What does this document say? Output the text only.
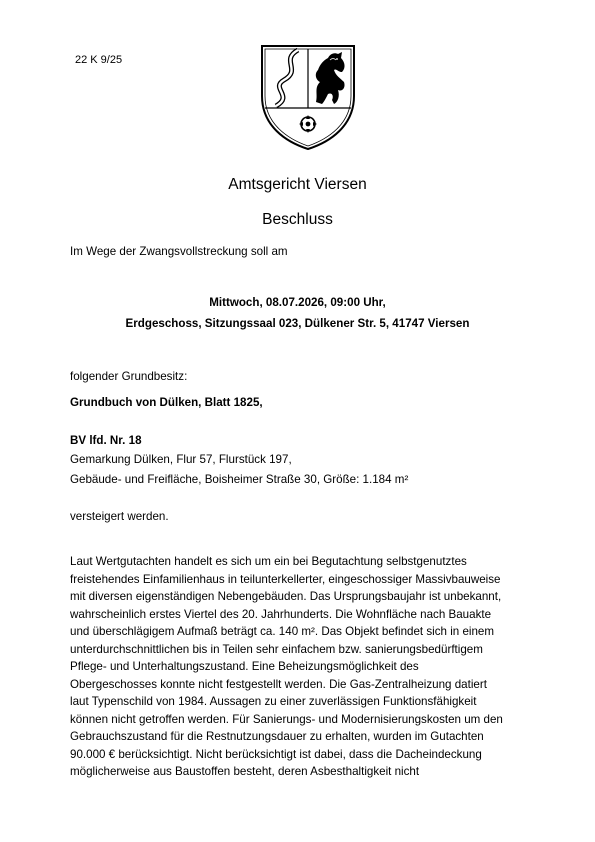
22 K 9/25
Amtsgericht Viersen
Beschluss
Im Wege der Zwangsvollstreckung soll am
Mittwoch, 08.07.2026, 09:00 Uhr,
Erdgeschoss, Sitzungssaal 023, Dülkener Str. 5, 41747 Viersen
folgender Grundbesitz:
Grundbuch von Dülken, Blatt 1825,
BV lfd. Nr. 18
Gemarkung Dülken, Flur 57, Flurstück 197,
Gebäude- und Freifläche, Boisheimer Straße 30, Größe: 1.184 m²
versteigert werden.
Laut Wertgutachten handelt es sich um ein bei Begutachtung selbstgenutztes
freistehendes Einfamilienhaus in teilunterkellerter, eingeschossiger Massivbauweise
mit diversen eigenständigen Nebengebäuden. Das Ursprungsbaujahr ist unbekannt,
wahrscheinlich erstes Viertel des 20. Jahrhunderts. Die Wohnfläche nach Bauakte
und überschlägigem Aufmaß beträgt ca. 140 m². Das Objekt befindet sich in einem
unterdurchschnittlichen bis in Teilen sehr einfachem bzw. sanierungsbedürftigem
Pflege- und Unterhaltungszustand. Eine Beheizungsmöglichkeit des
Obergeschosses konnte nicht festgestellt werden. Die Gas-Zentralheizung datiert
laut Typenschild von 1984. Aussagen zu einer zuverlässigen Funktionsfähigkeit
können nicht getroffen werden. Für Sanierungs- und Modernisierungskosten um den
Gebrauchszustand für die Restnutzungsdauer zu erhalten, wurden im Gutachten
90.000 € berücksichtigt. Nicht berücksichtigt ist dabei, dass die Dacheindeckung
möglicherweise aus Baustoffen besteht, deren Asbesthaltigkeit nicht
